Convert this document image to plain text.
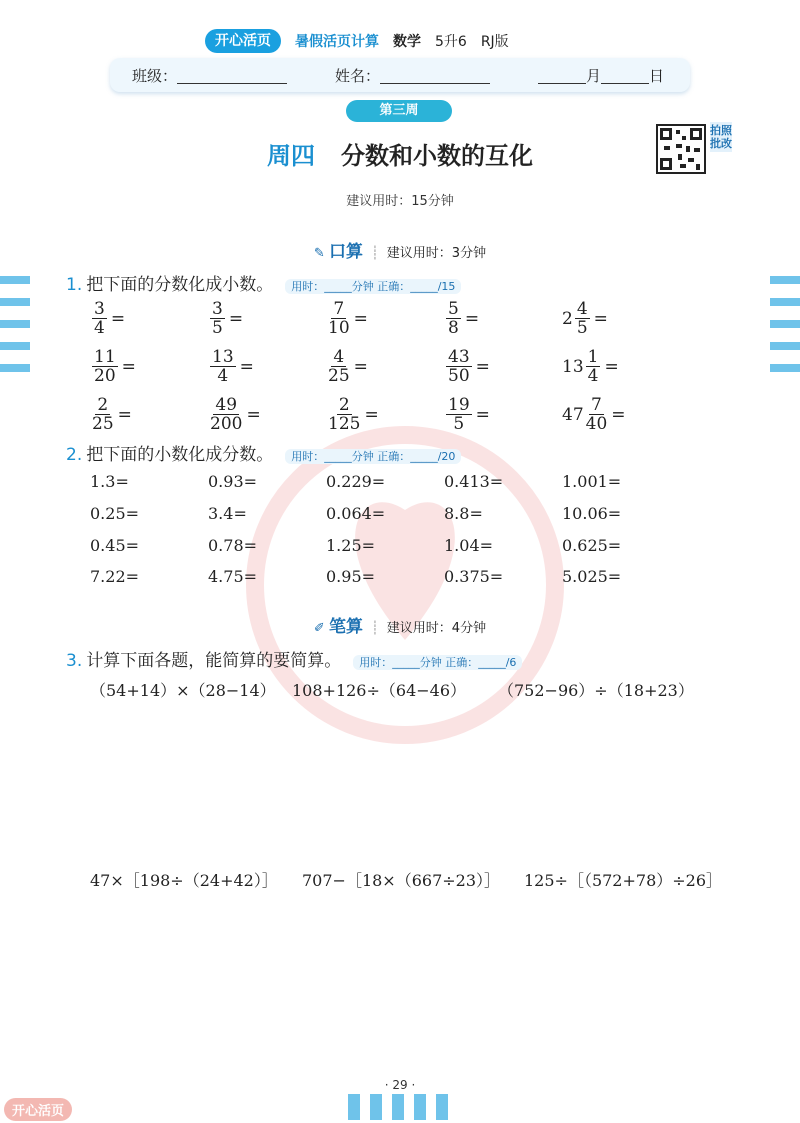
开心活页	暑假活页计算 数学 5升6 RJ版
班级：	姓名：	月	日
第三周
周四 分数和小数的互化
拍照批改
建议用时：15分钟
✎ 口算 ┊ 建议用时：3分钟
1. 把下面的分数化成小数。 用时：_____分钟 正确：_____/15
$\frac{3}{4}$ =	$\frac{3}{5}$ =	$\frac{7}{10}$ =	$\frac{5}{8}$ =	$2 \frac{4}{5}$ =
$\frac{11}{20}$ =	$\frac{13}{4}$ =	$\frac{4}{25}$ =	$\frac{43}{50}$ =	$13 \frac{1}{4}$ =
$\frac{2}{25}$ =	$\frac{49}{200}$ =	$\frac{2}{125}$ =	$\frac{19}{5}$ =	$47 \frac{7}{40}$ =
2. 把下面的小数化成分数。 用时：_____分钟 正确：_____/20
1.3=	0.93=	0.229=	0.413=	1.001=
0.25=	3.4=	0.064=	8.8=	10.06=
0.45=	0.78=	1.25=	1.04=	0.625=
7.22=	4.75=	0.95=	0.375=	5.025=
✐ 笔算 ┊ 建议用时：4分钟
3. 计算下面各题，能简算的要简算。 用时：_____分钟 正确：_____/6
（54+14）×（28−14）	108+126÷（64−46）	（752−96）÷（18+23）
47×［198÷（24+42）］	707−［18×（667÷23）］	125÷［（572+78）÷26］
· 29 ·
开心活页
